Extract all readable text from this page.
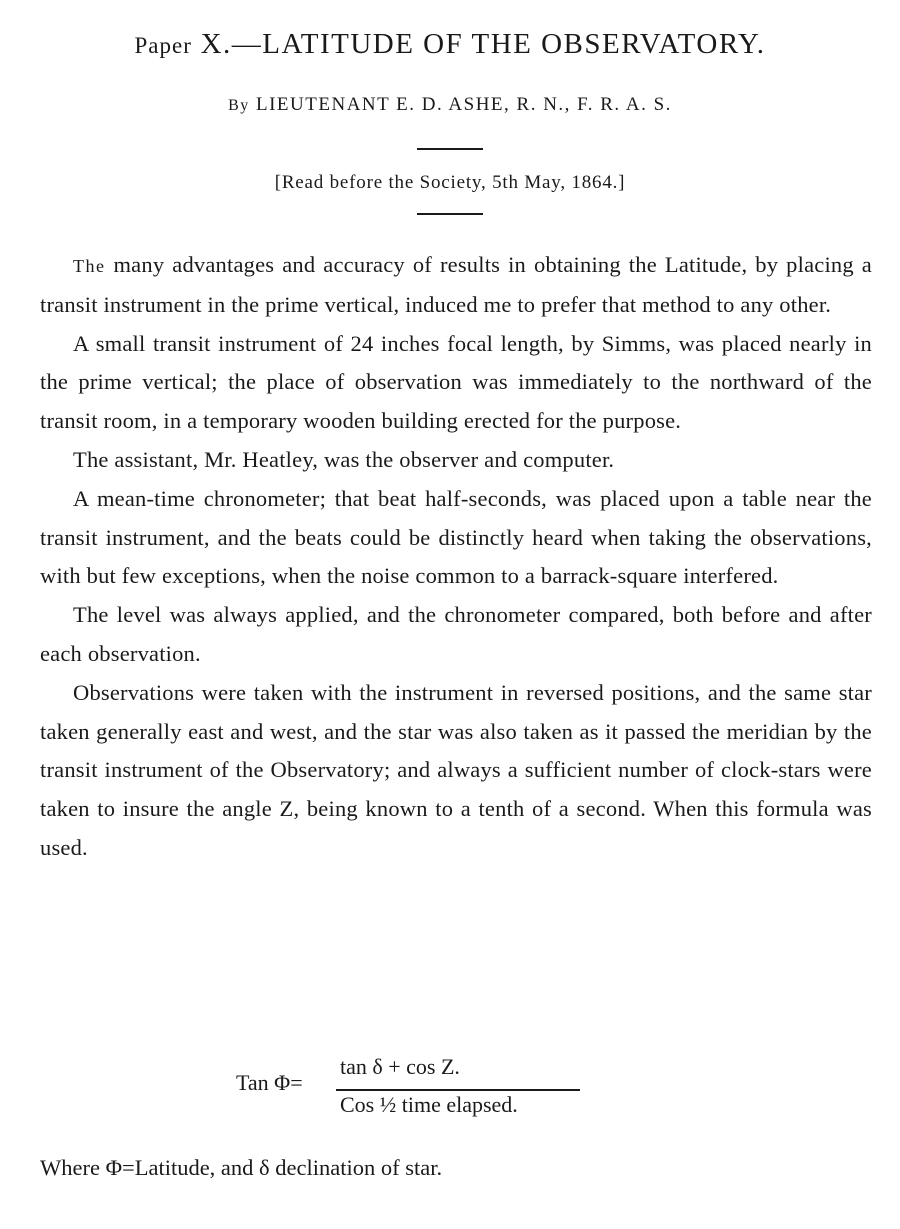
Paper X.—LATITUDE OF THE OBSERVATORY.
By LIEUTENANT E. D. ASHE, R. N., F. R. A. S.
[Read before the Society, 5th May, 1864.]

The many advantages and accuracy of results in obtaining the Latitude, by placing a transit instrument in the prime vertical, induced me to prefer that method to any other.

A small transit instrument of 24 inches focal length, by Simms, was placed nearly in the prime vertical; the place of observation was immediately to the northward of the transit room, in a temporary wooden building erected for the purpose.

The assistant, Mr. Heatley, was the observer and computer.

A mean-time chronometer; that beat half-seconds, was placed upon a table near the transit instrument, and the beats could be distinctly heard when taking the observations, with but few exceptions, when the noise common to a barrack-square interfered.

The level was always applied, and the chronometer compared, both before and after each observation.

Observations were taken with the instrument in reversed positions, and the same star taken generally east and west, and the star was also taken as it passed the meridian by the transit instrument of the Observatory; and always a sufficient number of clock-stars were taken to insure the angle Z, being known to a tenth of a second. When this formula was used.

Tan Φ=
tan δ + cos Z.
Cos ½ time elapsed.
Where Φ=Latitude, and δ declination of star.
